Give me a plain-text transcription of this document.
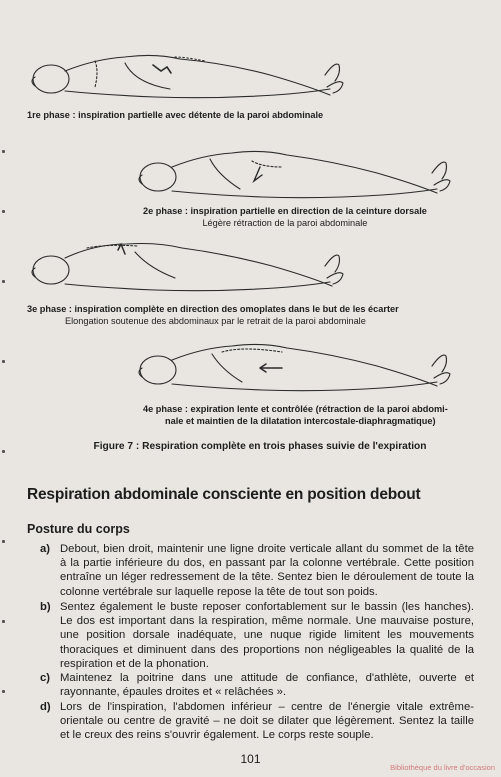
1re phase : inspiration partielle avec détente de la paroi abdominale
2e phase : inspiration partielle en direction de la ceinture dorsale
Légère rétraction de la paroi abdominale
3e phase : inspiration complète en direction des omoplates dans le but de les écarter
Elongation soutenue des abdominaux par le retrait de la paroi abdominale
4e phase : expiration lente et contrôlée (rétraction de la paroi abdomi-
nale et maintien de la dilatation intercostale-diaphragmatique)
Figure 7 : Respiration complète en trois phases suivie de l'expiration
Respiration abdominale consciente en position debout
Posture du corps
a) Debout, bien droit, maintenir une ligne droite verticale allant du sommet de la tête à la partie inférieure du dos, en passant par la colonne vertébrale. Cette position entraîne un léger redressement de la tête. Sentez bien le déroulement de toute la colonne vertébrale sur laquelle repose la tête de tout son poids.
b) Sentez également le buste reposer confortablement sur le bassin (les hanches). Le dos est important dans la respiration, même normale. Une mauvaise posture, une position dorsale inadéquate, une nuque rigide limitent les mouvements thoraciques et diminuent dans des proportions non négligeables la qualité de la respiration et de la phonation.
c) Maintenez la poitrine dans une attitude de confiance, d'athlète, ouverte et rayonnante, épaules droites et « relâchées ».
d) Lors de l'inspiration, l'abdomen inférieur – centre de l'énergie vitale extrême-orientale ou centre de gravité – ne doit se dilater que légèrement. Sentez la taille et le creux des reins s'ouvrir également. Le corps reste souple.
101
Bibliothèque du livre d'occasion
